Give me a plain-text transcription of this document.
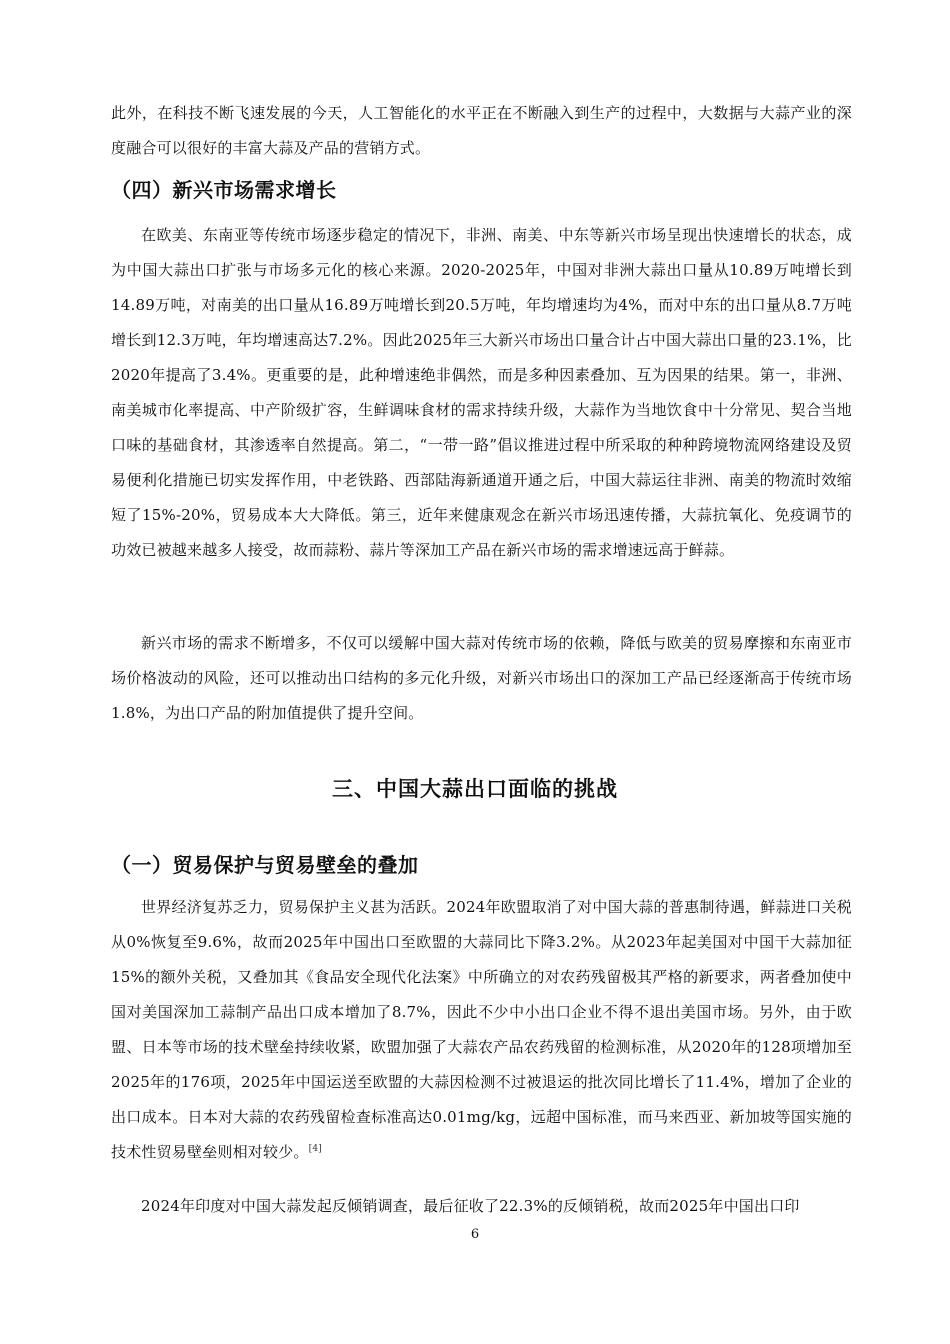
此外，在科技不断飞速发展的今天，人工智能化的水平正在不断融入到生产的过程中，大数据与大蒜产业的深度融合可以很好的丰富大蒜及产品的营销方式。

（四）新兴市场需求增长

在欧美、东南亚等传统市场逐步稳定的情况下，非洲、南美、中东等新兴市场呈现出快速增长的状态，成为中国大蒜出口扩张与市场多元化的核心来源。2020-2025年，中国对非洲大蒜出口量从10.89万吨增长到14.89万吨，对南美的出口量从16.89万吨增长到20.5万吨，年均增速均为4%，而对中东的出口量从8.7万吨增长到12.3万吨，年均增速高达7.2%。因此2025年三大新兴市场出口量合计占中国大蒜出口量的23.1%，比2020年提高了3.4%。更重要的是，此种增速绝非偶然，而是多种因素叠加、互为因果的结果。第一，非洲、南美城市化率提高、中产阶级扩容，生鲜调味食材的需求持续升级，大蒜作为当地饮食中十分常见、契合当地口味的基础食材，其渗透率自然提高。第二，“一带一路”倡议推进过程中所采取的种种跨境物流网络建设及贸易便利化措施已切实发挥作用，中老铁路、西部陆海新通道开通之后，中国大蒜运往非洲、南美的物流时效缩短了15%-20%，贸易成本大大降低。第三，近年来健康观念在新兴市场迅速传播，大蒜抗氧化、免疫调节的功效已被越来越多人接受，故而蒜粉、蒜片等深加工产品在新兴市场的需求增速远高于鲜蒜。

新兴市场的需求不断增多，不仅可以缓解中国大蒜对传统市场的依赖，降低与欧美的贸易摩擦和东南亚市场价格波动的风险，还可以推动出口结构的多元化升级，对新兴市场出口的深加工产品已经逐渐高于传统市场1.8%，为出口产品的附加值提供了提升空间。

三、中国大蒜出口面临的挑战
（一）贸易保护与贸易壁垒的叠加

世界经济复苏乏力，贸易保护主义甚为活跃。2024年欧盟取消了对中国大蒜的普惠制待遇，鲜蒜进口关税从0%恢复至9.6%，故而2025年中国出口至欧盟的大蒜同比下降3.2%。从2023年起美国对中国干大蒜加征15%的额外关税，又叠加其《食品安全现代化法案》中所确立的对农药残留极其严格的新要求，两者叠加使中国对美国深加工蒜制产品出口成本增加了8.7%，因此不少中小出口企业不得不退出美国市场。另外，由于欧盟、日本等市场的技术壁垒持续收紧，欧盟加强了大蒜农产品农药残留的检测标准，从2020年的128项增加至2025年的176项，2025年中国运送至欧盟的大蒜因检测不过被退运的批次同比增长了11.4%，增加了企业的出口成本。日本对大蒜的农药残留检查标准高达0.01mg/kg，远超中国标准，而马来西亚、新加坡等国实施的技术性贸易壁垒则相对较少。[4]

2024年印度对中国大蒜发起反倾销调查，最后征收了22.3%的反倾销税，故而2025年中国出口印

6
